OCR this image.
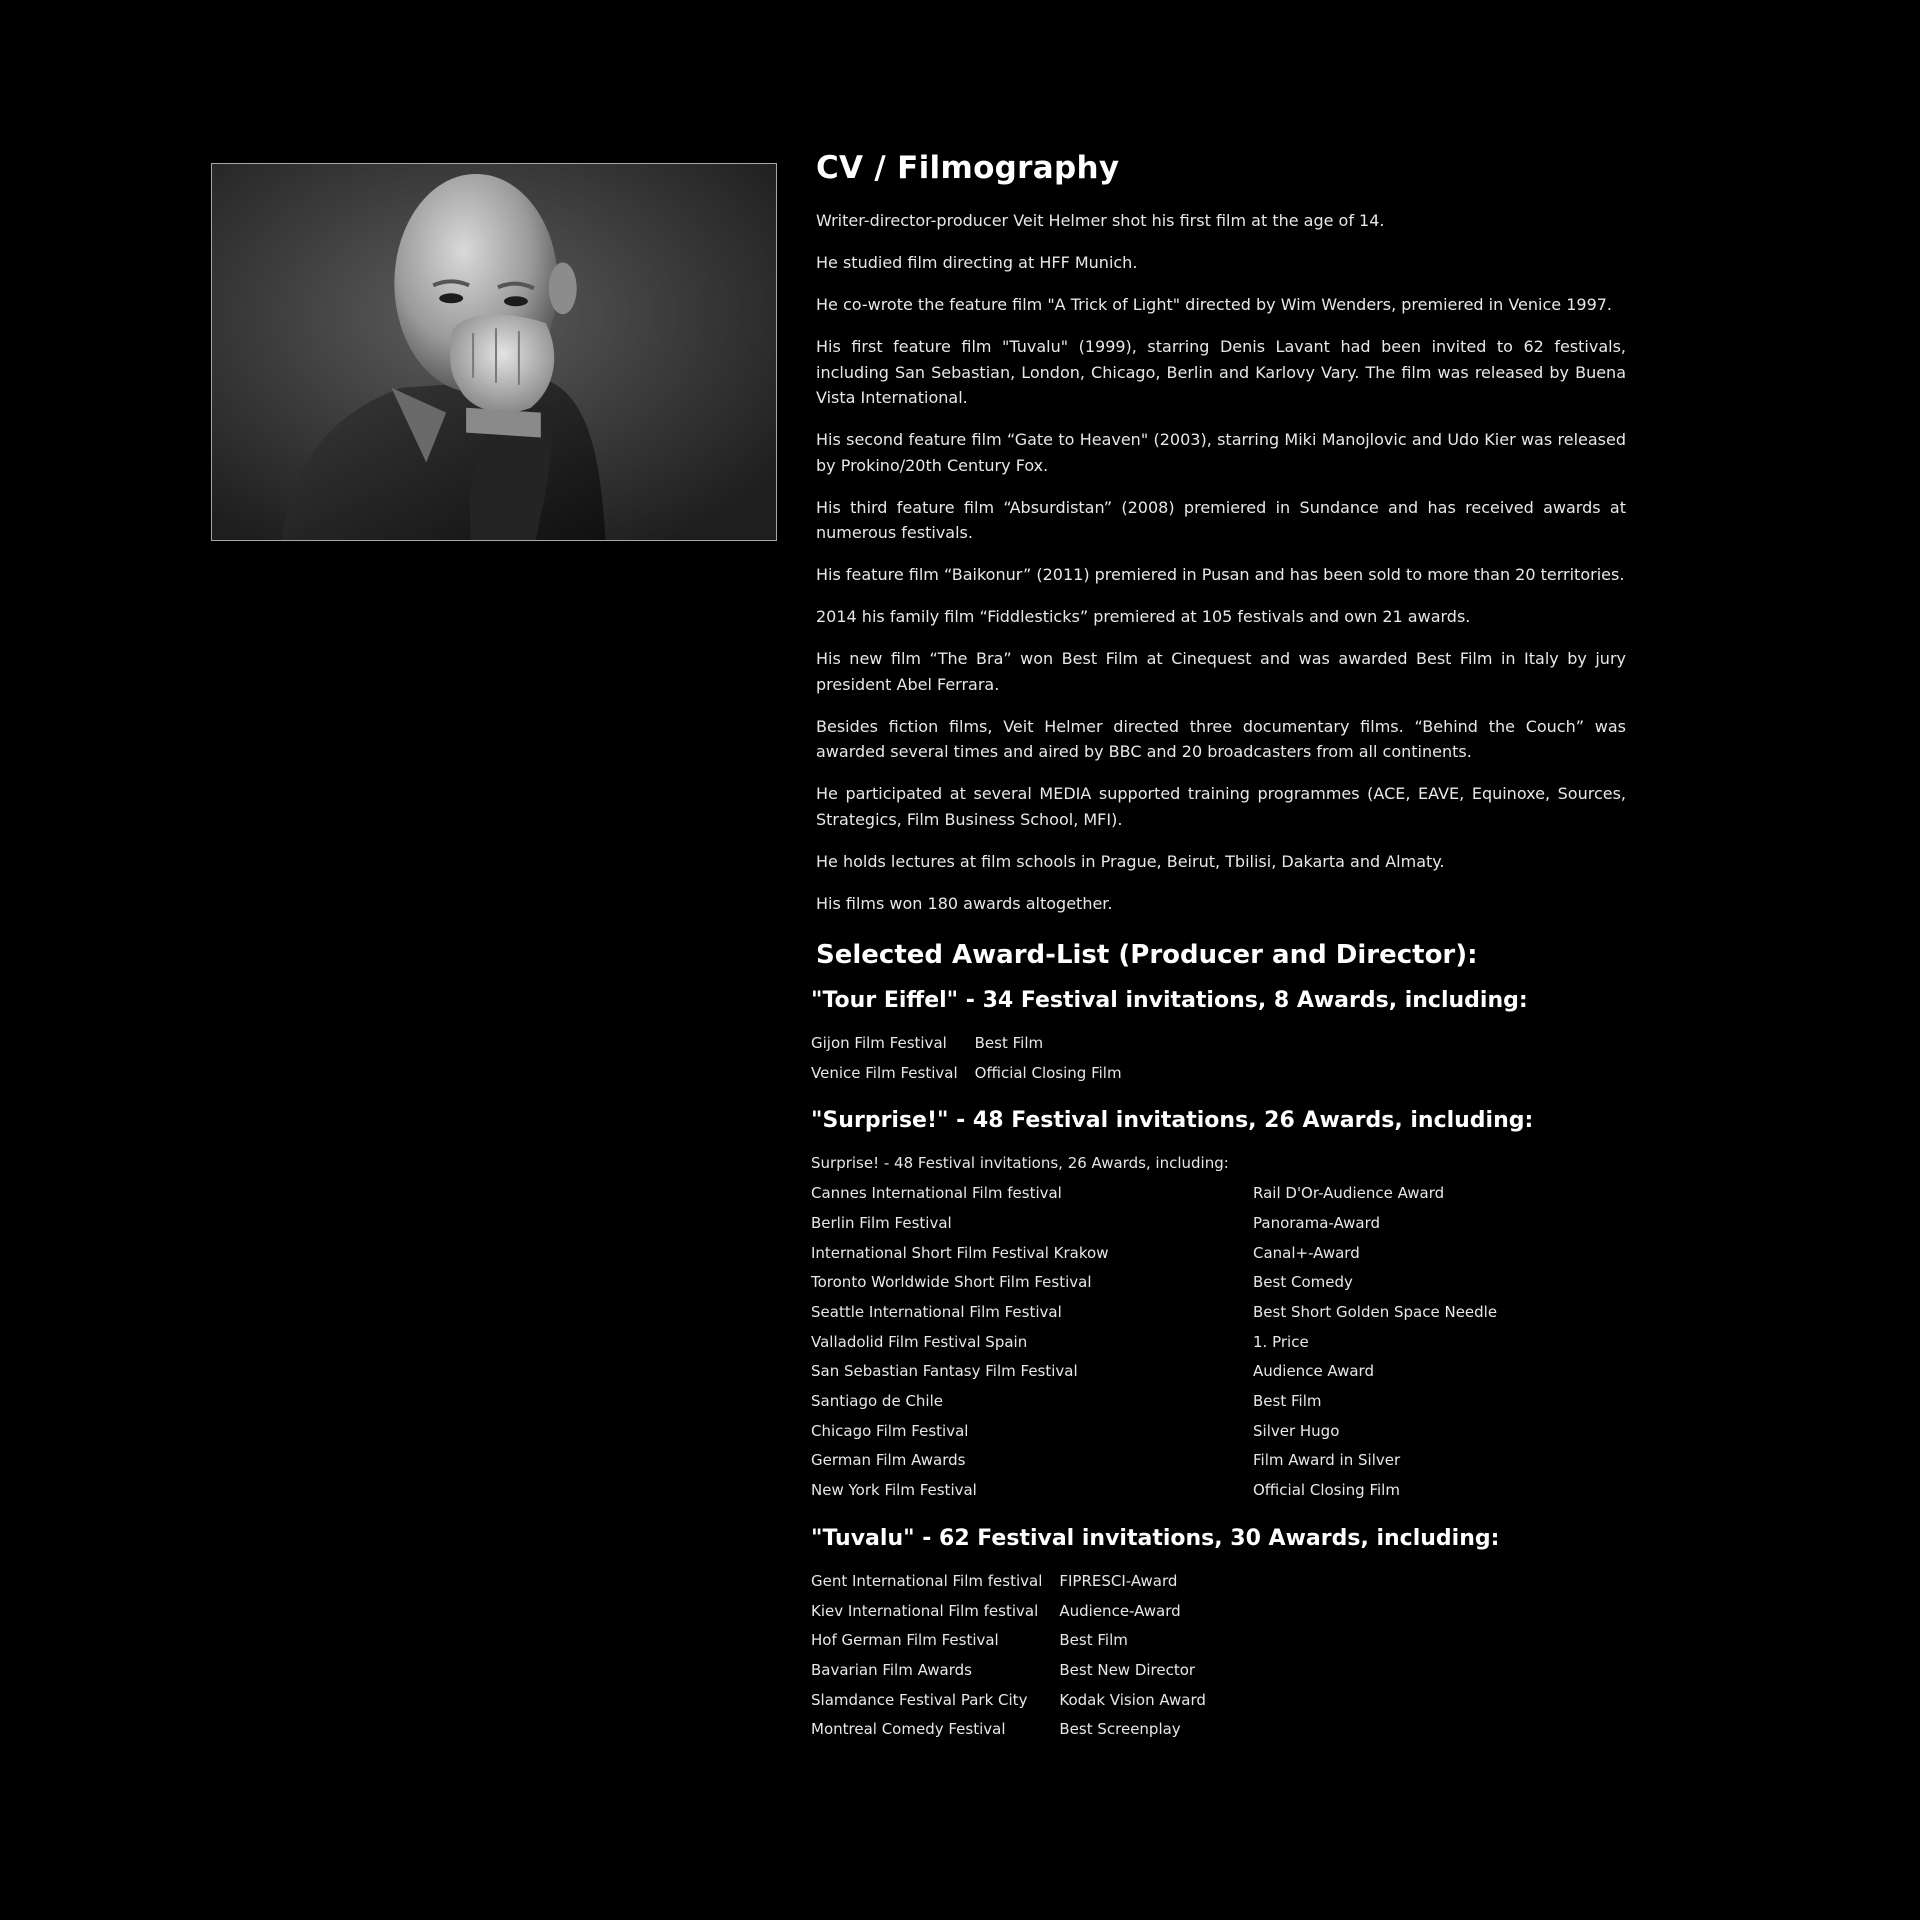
CV / Filmography

Writer-director-producer Veit Helmer shot his first film at the age of 14.

He studied film directing at HFF Munich.

He co-wrote the feature film "A Trick of Light" directed by Wim Wenders, premiered in Venice 1997.

His first feature film "Tuvalu" (1999), starring Denis Lavant had been invited to 62 festivals, including San Sebastian, London, Chicago, Berlin and Karlovy Vary. The film was released by Buena Vista International.

His second feature film “Gate to Heaven" (2003), starring Miki Manojlovic and Udo Kier was released by Prokino/20th Century Fox.

His third feature film “Absurdistan” (2008) premiered in Sundance and has received awards at numerous festivals.

His feature film “Baikonur” (2011) premiered in Pusan and has been sold to more than 20 territories.

2014 his family film “Fiddlesticks” premiered at 105 festivals and own 21 awards.

His new film “The Bra” won Best Film at Cinequest and was awarded Best Film in Italy by jury president Abel Ferrara.

Besides fiction films, Veit Helmer directed three documentary films. “Behind the Couch” was awarded several times and aired by BBC and 20 broadcasters from all continents.

He participated at several MEDIA supported training programmes (ACE, EAVE, Equinoxe, Sources, Strategics, Film Business School, MFI).

He holds lectures at film schools in Prague, Beirut, Tbilisi, Dakarta and Almaty.

His films won 180 awards altogether.

Selected Award-List (Producer and Director):
"Tour Eiffel" - 34 Festival invitations, 8 Awards, including:
Gijon Film Festival	Best Film
Venice Film Festival	Official Closing Film
"Surprise!" - 48 Festival invitations, 26 Awards, including:
Surprise! - 48 Festival invitations, 26 Awards, including:
Cannes International Film festival	Rail D'Or-Audience Award
Berlin Film Festival	Panorama-Award
International Short Film Festival Krakow	Canal+-Award
Toronto Worldwide Short Film Festival	Best Comedy
Seattle International Film Festival	Best Short Golden Space Needle
Valladolid Film Festival Spain	1. Price
San Sebastian Fantasy Film Festival	Audience Award
Santiago de Chile	Best Film
Chicago Film Festival	Silver Hugo
German Film Awards	Film Award in Silver
New York Film Festival	Official Closing Film
"Tuvalu" - 62 Festival invitations, 30 Awards, including:
Gent International Film festival	FIPRESCI-Award
Kiev International Film festival	Audience-Award
Hof German Film Festival	Best Film
Bavarian Film Awards	Best New Director
Slamdance Festival Park City	Kodak Vision Award
Montreal Comedy Festival	Best Screenplay
